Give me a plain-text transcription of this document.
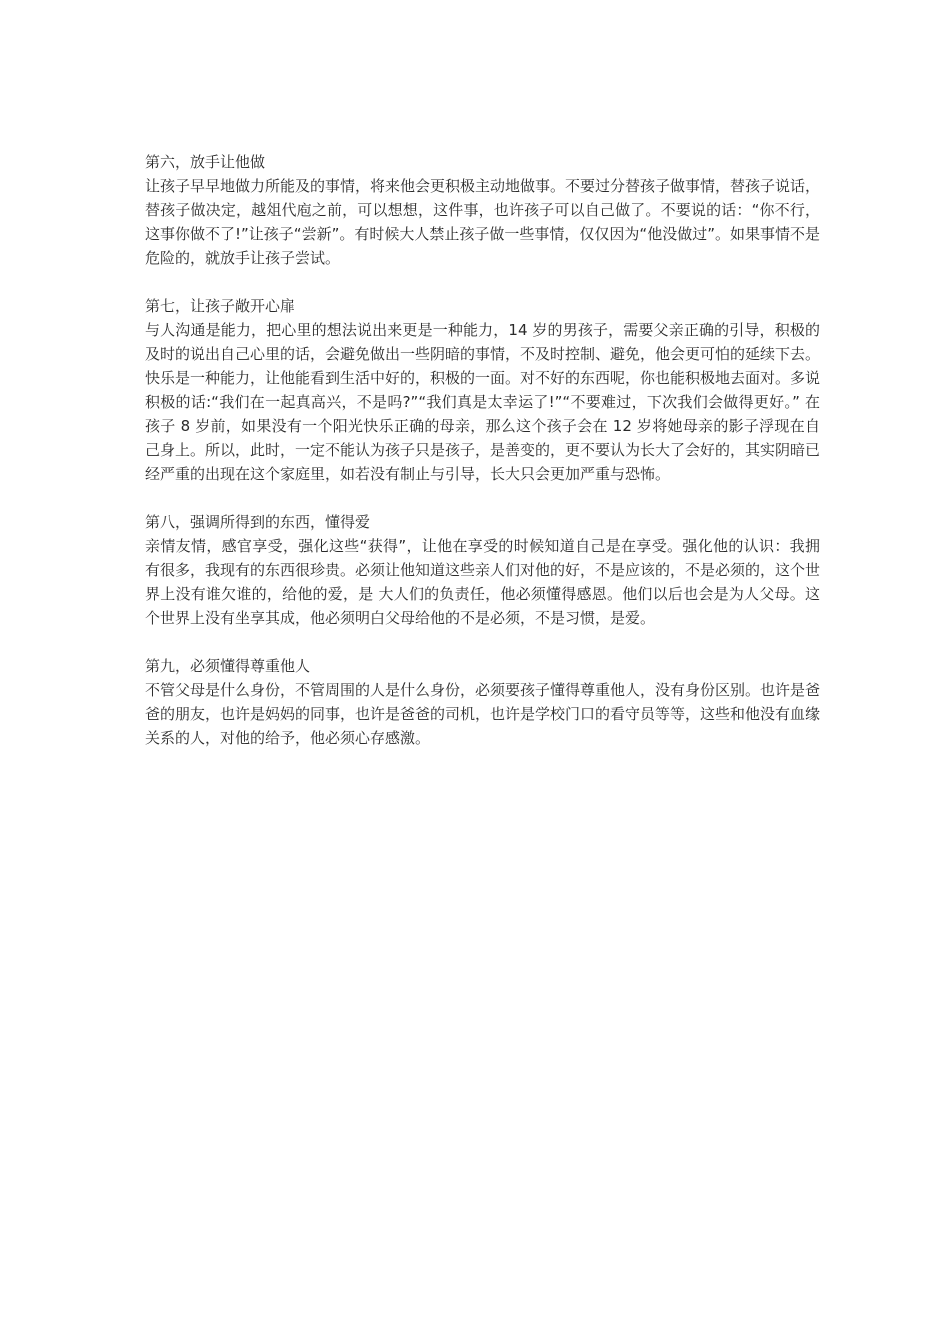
第六，放手让他做

让孩子早早地做力所能及的事情，将来他会更积极主动地做事。不要过分替孩子做事情，替孩子说话，替孩子做决定，越俎代庖之前，可以想想，这件事，也许孩子可以自己做了。不要说的话：“你不行，这事你做不了!”让孩子“尝新”。有时候大人禁止孩子做一些事情，仅仅因为“他没做过”。如果事情不是危险的，就放手让孩子尝试。

第七，让孩子敞开心扉

与人沟通是能力，把心里的想法说出来更是一种能力，14 岁的男孩子，需要父亲正确的引导，积极的及时的说出自己心里的话，会避免做出一些阴暗的事情，不及时控制、避免，他会更可怕的延续下去。

快乐是一种能力，让他能看到生活中好的，积极的一面。对不好的东西呢，你也能积极地去面对。多说积极的话:“我们在一起真高兴，不是吗?”“我们真是太幸运了!”“不要难过，下次我们会做得更好。” 在孩子 8 岁前，如果没有一个阳光快乐正确的母亲，那么这个孩子会在 12 岁将她母亲的影子浮现在自己身上。所以，此时，一定不能认为孩子只是孩子，是善变的，更不要认为长大了会好的，其实阴暗已经严重的出现在这个家庭里，如若没有制止与引导，长大只会更加严重与恐怖。

第八，强调所得到的东西，懂得爱

亲情友情，感官享受，强化这些“获得”，让他在享受的时候知道自己是在享受。强化他的认识：我拥有很多，我现有的东西很珍贵。必须让他知道这些亲人们对他的好，不是应该的，不是必须的，这个世界上没有谁欠谁的，给他的爱，是 大人们的负责任，他必须懂得感恩。他们以后也会是为人父母。这个世界上没有坐享其成，他必须明白父母给他的不是必须，不是习惯，是爱。

第九，必须懂得尊重他人

不管父母是什么身份，不管周围的人是什么身份，必须要孩子懂得尊重他人，没有身份区别。也许是爸爸的朋友，也许是妈妈的同事，也许是爸爸的司机，也许是学校门口的看守员等等，这些和他没有血缘关系的人，对他的给予，他必须心存感激。
